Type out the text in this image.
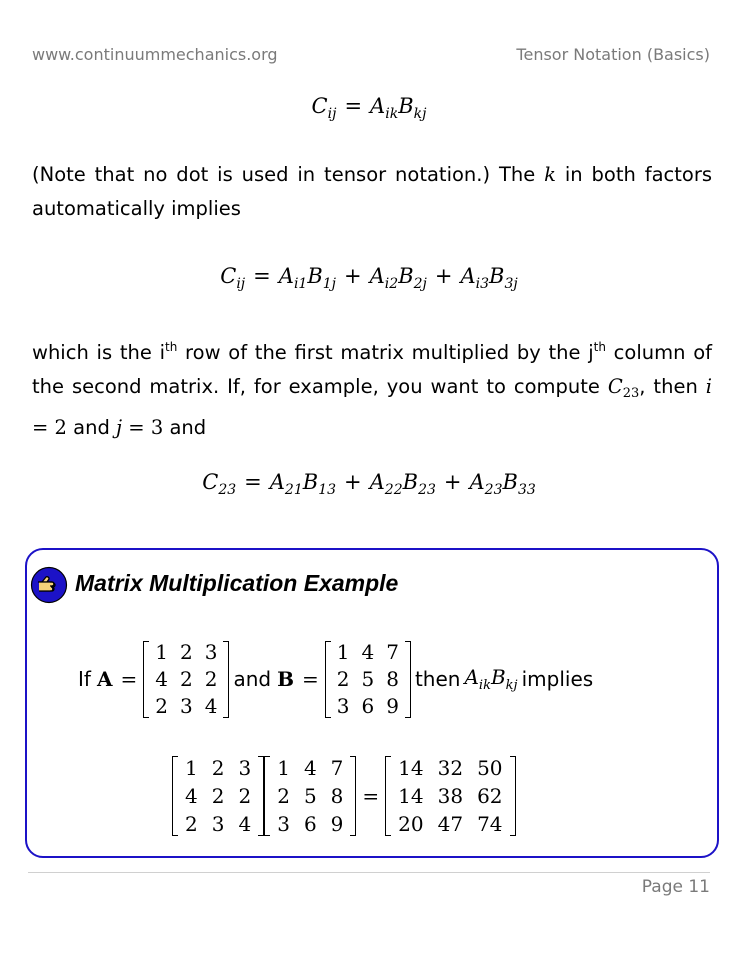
www.continuummechanics.org	Tensor Notation (Basics)
$C_{ij} = A_{ik}B_{kj}$
(Note that no dot is used in tensor notation.) The k in both factors automatically implies
$C_{ij} = A_{i1}B_{1j} + A_{i2}B_{2j} + A_{i3}B_{3j}$
which is the $i^{th}$ row of the first matrix multiplied by the $j^{th}$ column of the second matrix. If, for example, you want to compute $C_{23}$, then i = 2 and j = 3 and
$C_{23} = A_{21}B_{13} + A_{22}B_{23} + A_{23}B_{33}$
Matrix Multiplication Example
If A =
1	2	3
4	2	2
2	3	4
and B =
1	4	7
2	5	8
3	6	9
then $A_{ik}B_{kj}$ implies
1	2	3
4	2	2
2	3	4
1	4	7
2	5	8
3	6	9
=
14	32	50
14	38	62
20	47	74
Page 11
